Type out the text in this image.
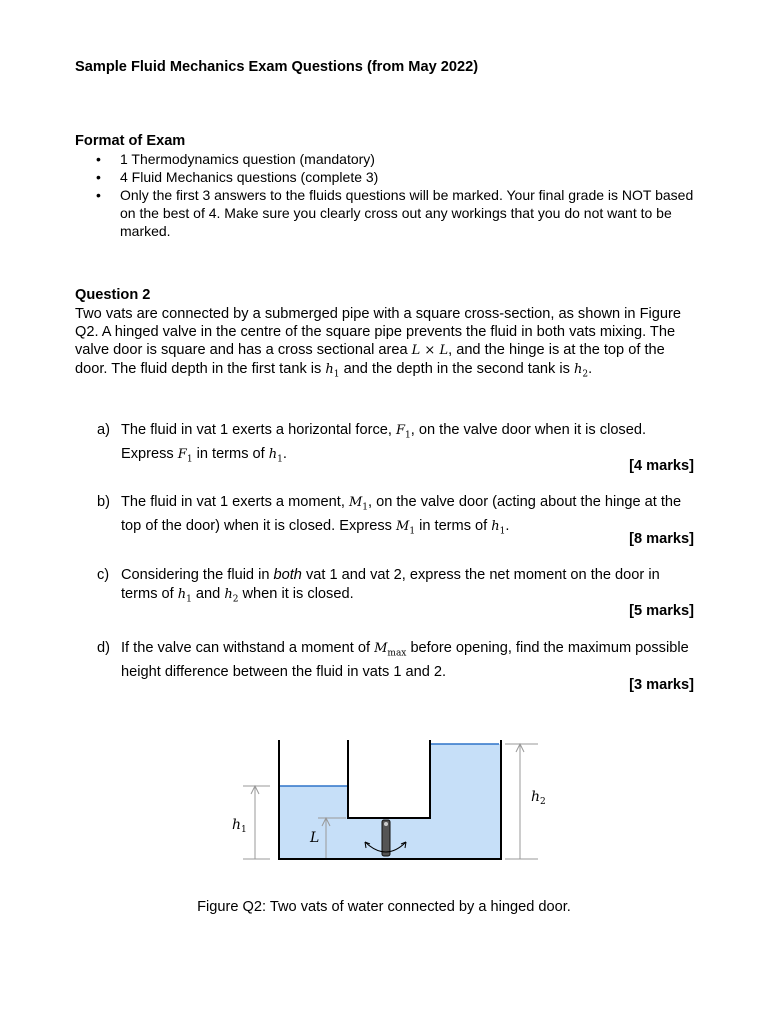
Sample Fluid Mechanics Exam Questions (from May 2022)
Format of Exam
• 1 Thermodynamics question (mandatory)
• 4 Fluid Mechanics questions (complete 3)
• Only the first 3 answers to the fluids questions will be marked. Your final grade is NOT based on the best of 4. Make sure you clearly cross out any workings that you do not want to be marked.
Question 2
Two vats are connected by a submerged pipe with a square cross-section, as shown in Figure Q2. A hinged valve in the centre of the square pipe prevents the fluid in both vats mixing. The valve door is square and has a cross sectional area L × L, and the hinge is at the top of the door. The fluid depth in the first tank is $h_1$ and the depth in the second tank is $h_2$.
a) The fluid in vat 1 exerts a horizontal force, $F_1$, on the valve door when it is closed. Express $F_1$ in terms of $h_1$.
[4 marks]
b) The fluid in vat 1 exerts a moment, $M_1$, on the valve door (acting about the hinge at the top of the door) when it is closed. Express $M_1$ in terms of $h_1$.
[8 marks]
c) Considering the fluid in both vat 1 and vat 2, express the net moment on the door in terms of $h_1$ and $h_2$ when it is closed.
[5 marks]
d) If the valve can withstand a moment of $M_{max}$ before opening, find the maximum possible height difference between the fluid in vats 1 and 2.
[3 marks]
$h_1$
$h_2$
L
Figure Q2: Two vats of water connected by a hinged door.
